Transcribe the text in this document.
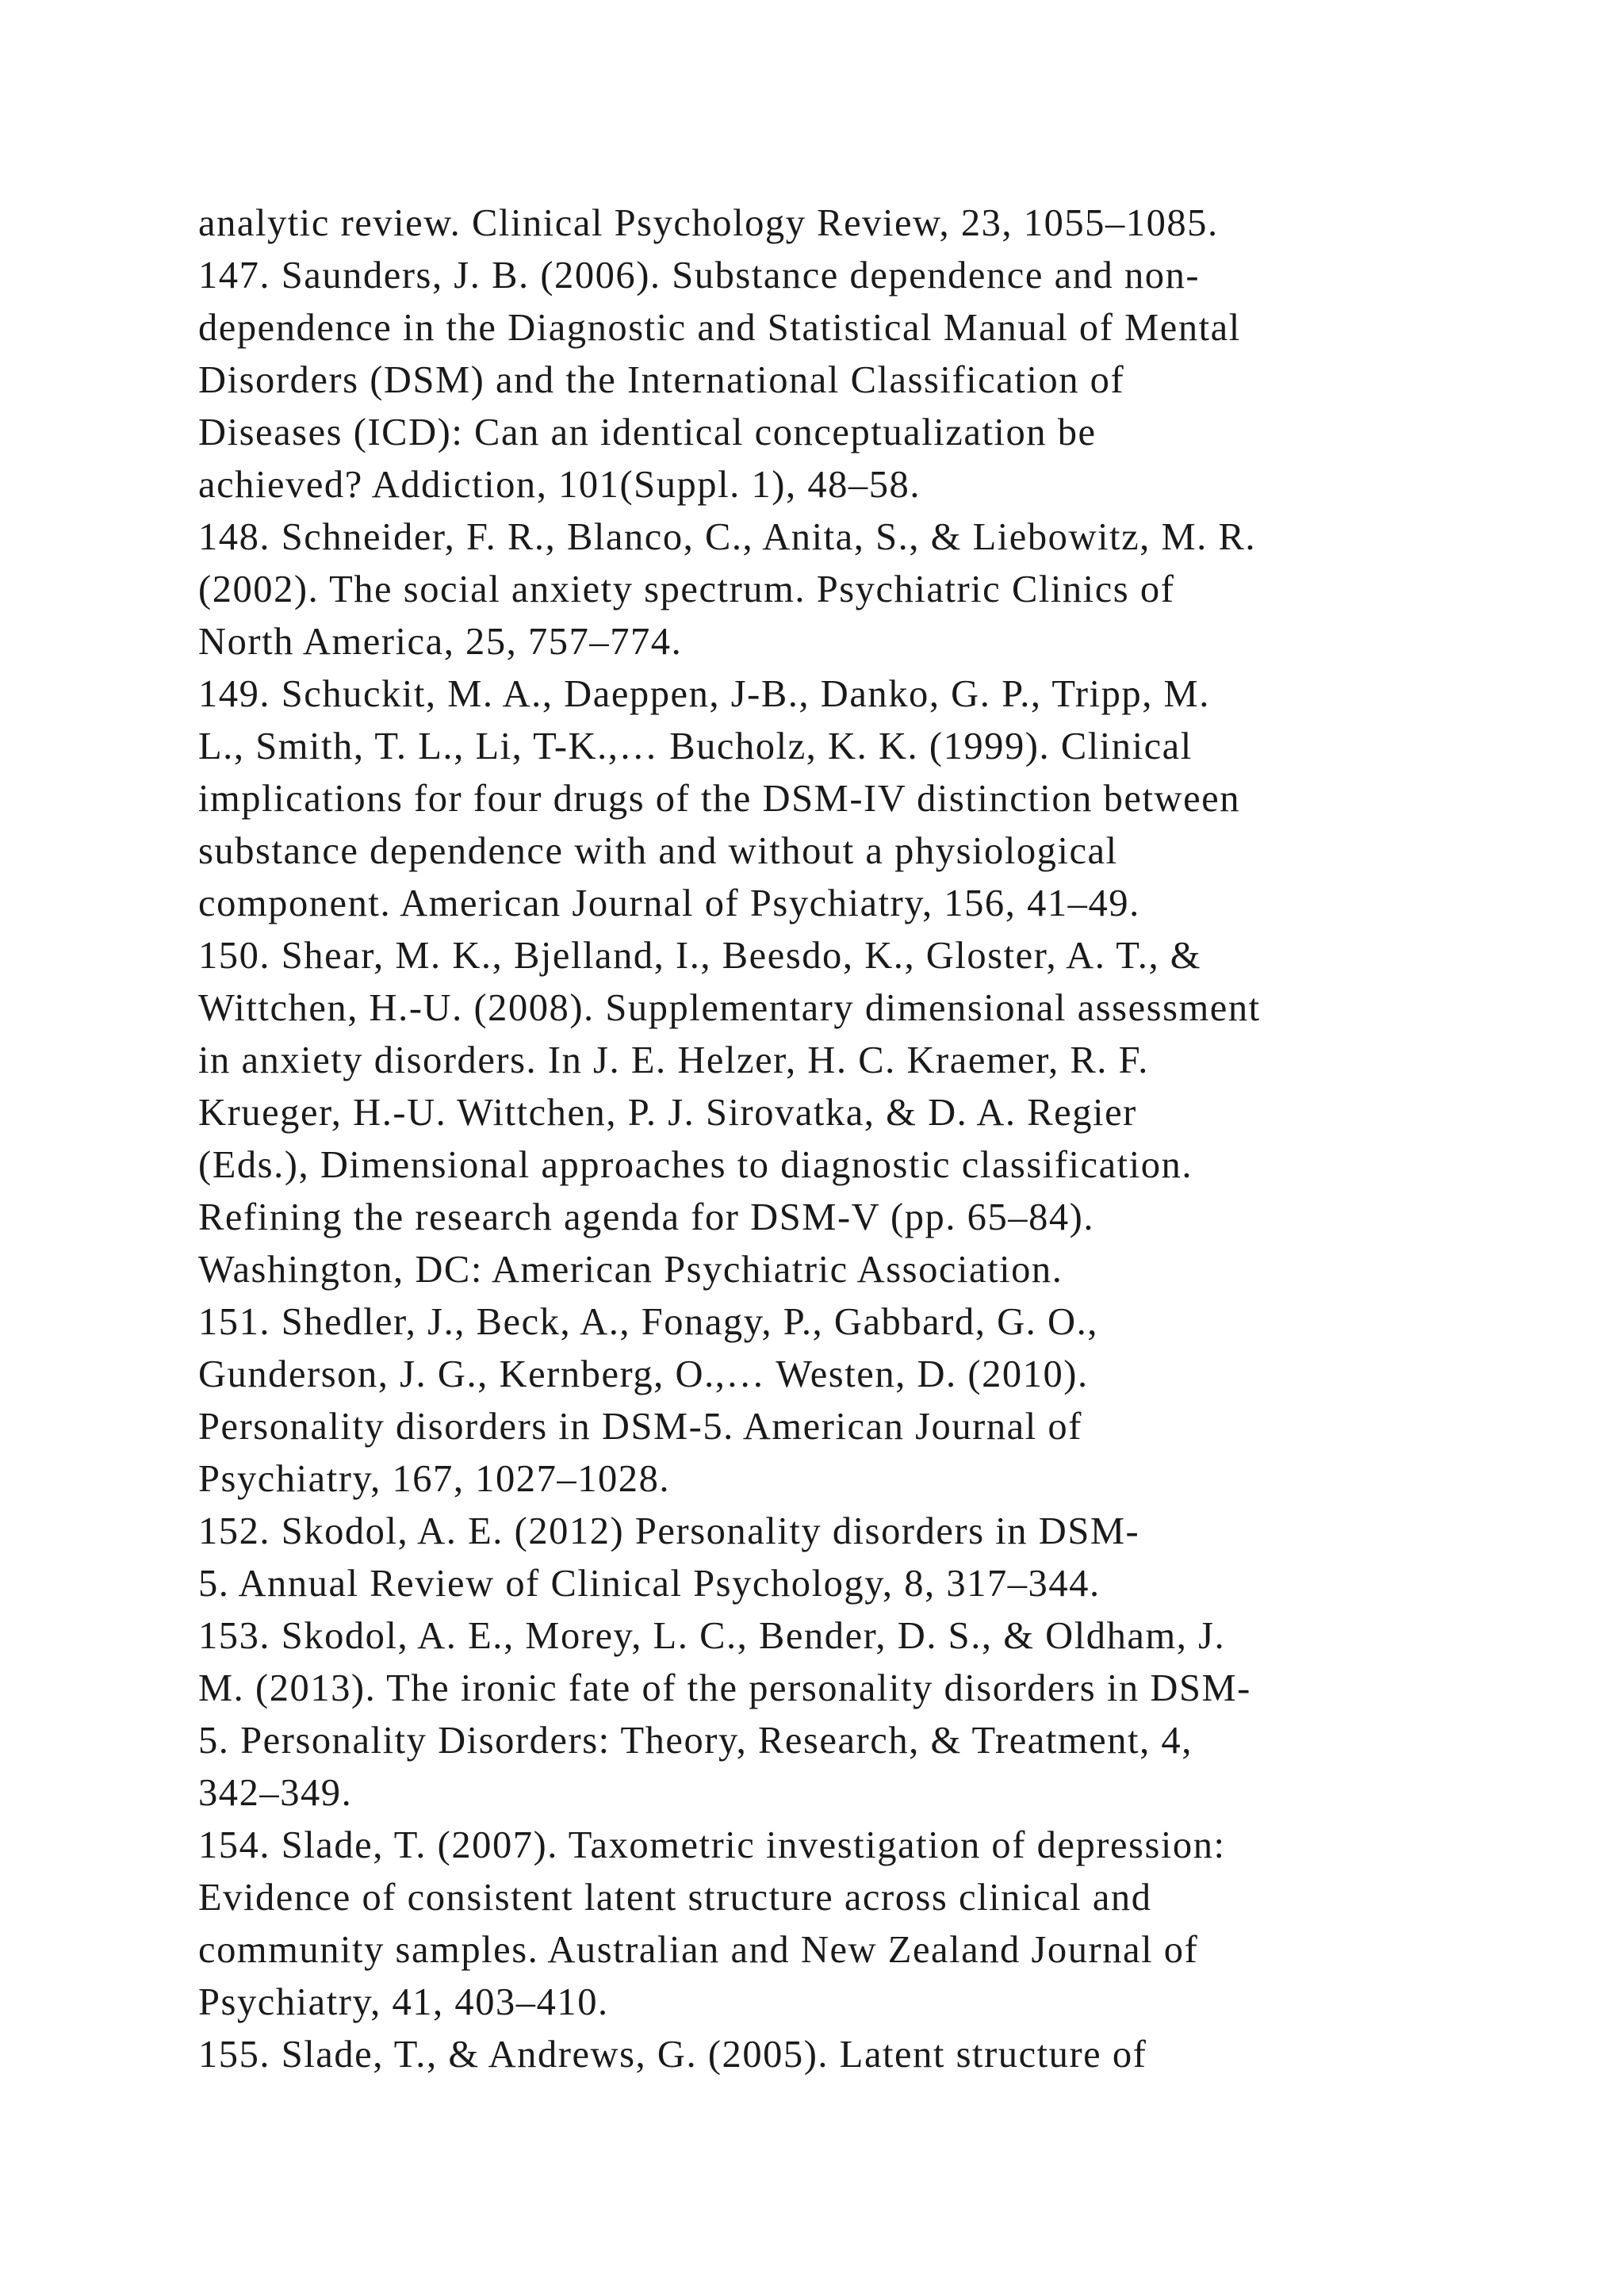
analytic review. Clinical Psychology Review, 23, 1055–1085.
147. Saunders, J. B. (2006). Substance dependence and non-
dependence in the Diagnostic and Statistical Manual of Mental
Disorders (DSM) and the International Classification of
Diseases (ICD): Can an identical conceptualization be
achieved? Addiction, 101(Suppl. 1), 48–58.
148. Schneider, F. R., Blanco, C., Anita, S., & Liebowitz, M. R.
(2002). The social anxiety spectrum. Psychiatric Clinics of
North America, 25, 757–774.
149. Schuckit, M. A., Daeppen, J-B., Danko, G. P., Tripp, M.
L., Smith, T. L., Li, T-K.,… Bucholz, K. K. (1999). Clinical
implications for four drugs of the DSM-IV distinction between
substance dependence with and without a physiological
component. American Journal of Psychiatry, 156, 41–49.
150. Shear, M. K., Bjelland, I., Beesdo, K., Gloster, A. T., &
Wittchen, H.-U. (2008). Supplementary dimensional assessment
in anxiety disorders. In J. E. Helzer, H. C. Kraemer, R. F.
Krueger, H.-U. Wittchen, P. J. Sirovatka, & D. A. Regier
(Eds.), Dimensional approaches to diagnostic classification.
Refining the research agenda for DSM-V (pp. 65–84).
Washington, DC: American Psychiatric Association.
151. Shedler, J., Beck, A., Fonagy, P., Gabbard, G. O.,
Gunderson, J. G., Kernberg, O.,… Westen, D. (2010).
Personality disorders in DSM-5. American Journal of
Psychiatry, 167, 1027–1028.
152. Skodol, A. E. (2012) Personality disorders in DSM-
5. Annual Review of Clinical Psychology, 8, 317–344.
153. Skodol, A. E., Morey, L. C., Bender, D. S., & Oldham, J.
M. (2013). The ironic fate of the personality disorders in DSM-
5. Personality Disorders: Theory, Research, & Treatment, 4,
342–349.
154. Slade, T. (2007). Taxometric investigation of depression:
Evidence of consistent latent structure across clinical and
community samples. Australian and New Zealand Journal of
Psychiatry, 41, 403–410.
155. Slade, T., & Andrews, G. (2005). Latent structure of
